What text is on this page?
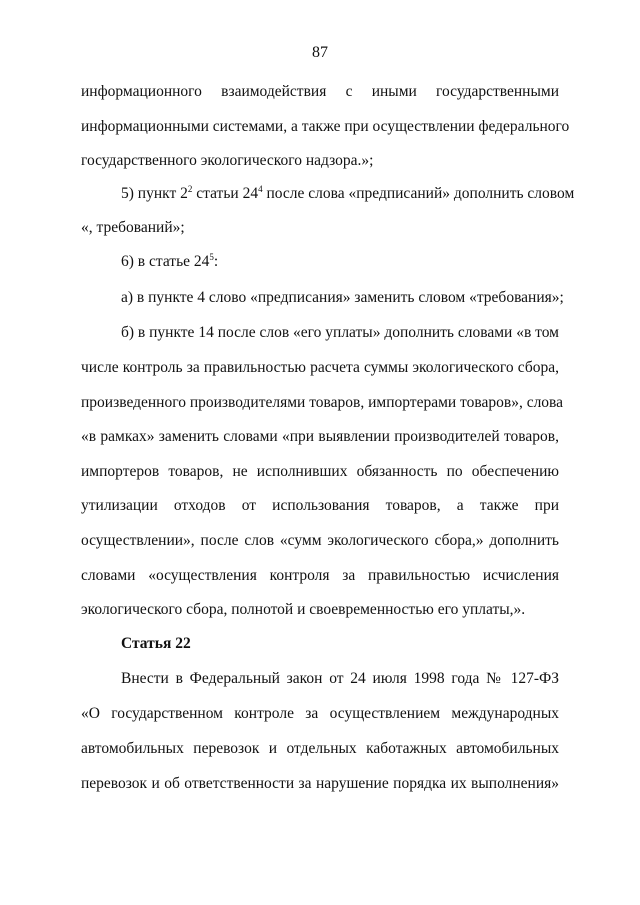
87
информационного взаимодействия с иными государственными
информационными системами, а также при осуществлении федерального
государственного экологического надзора.»;
5) пункт $2^2$ статьи $24^4$ после слова «предписаний» дополнить словом
«, требований»;
6) в статье $24^5$:
а) в пункте 4 слово «предписания» заменить словом «требования»;
б) в пункте 14 после слов «его уплаты» дополнить словами «в том
числе контроль за правильностью расчета суммы экологического сбора,
произведенного производителями товаров, импортерами товаров», слова
«в рамках» заменить словами «при выявлении производителей товаров,
импортеров товаров, не исполнивших обязанность по обеспечению
утилизации отходов от использования товаров, а также при
осуществлении», после слов «сумм экологического сбора,» дополнить
словами «осуществления контроля за правильностью исчисления
экологического сбора, полнотой и своевременностью его уплаты,».
Статья 22
Внести в Федеральный закон от 24 июля 1998 года № 127-ФЗ
«О государственном контроле за осуществлением международных
автомобильных перевозок и отдельных каботажных автомобильных
перевозок и об ответственности за нарушение порядка их выполнения»
